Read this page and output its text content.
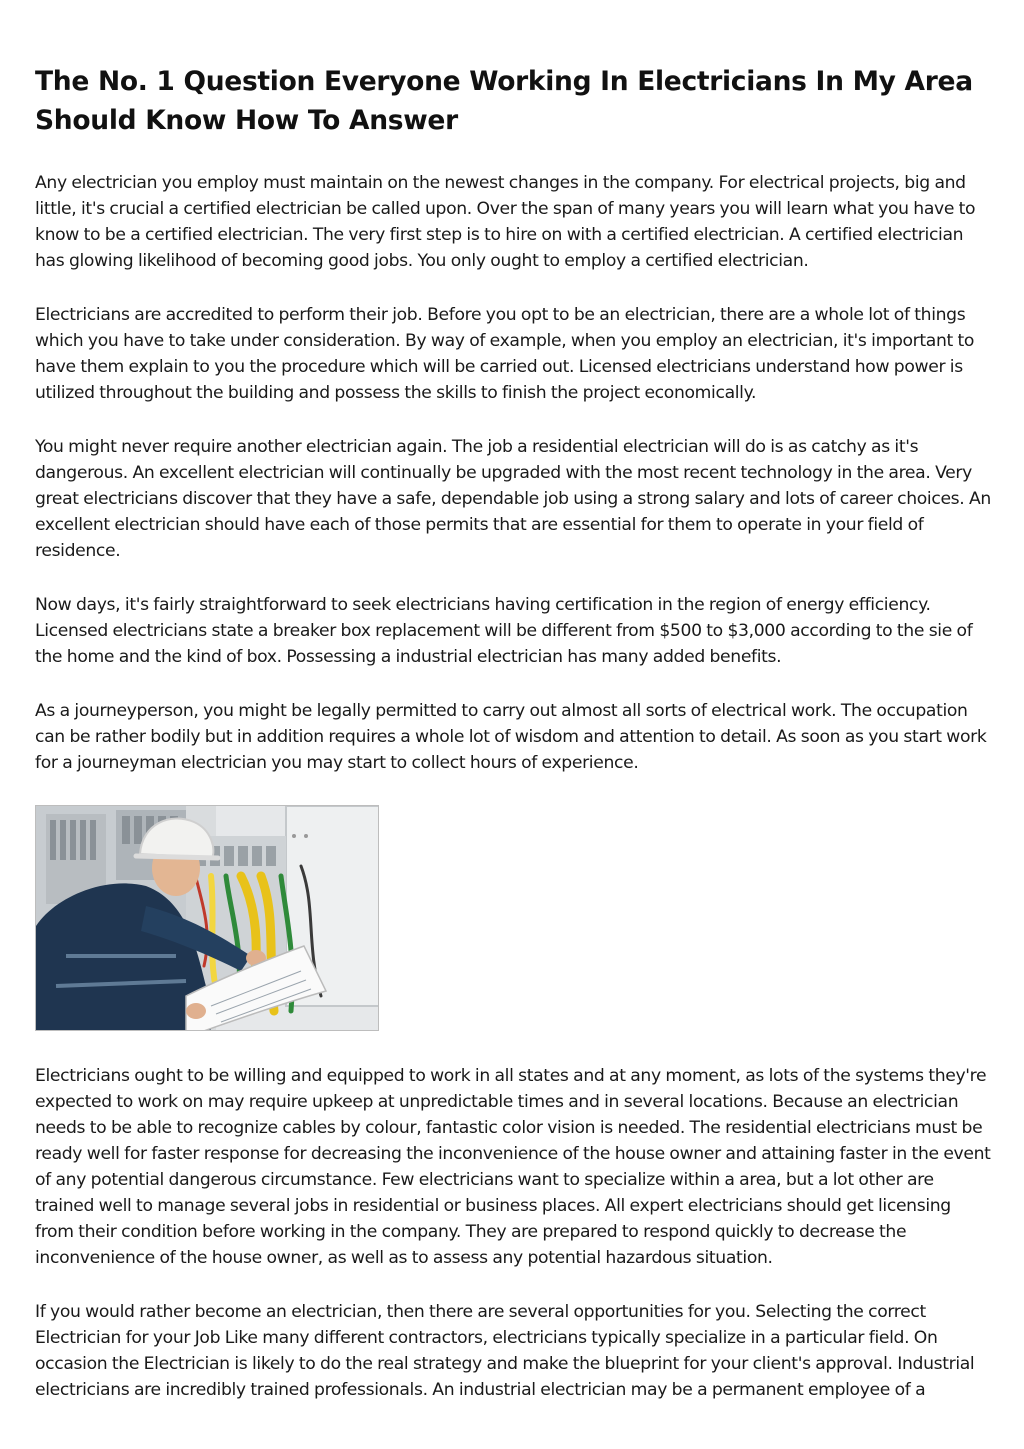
The No. 1 Question Everyone Working In Electricians In My Area Should Know How To Answer

Any electrician you employ must maintain on the newest changes in the company. For electrical projects, big and little, it's crucial a certified electrician be called upon. Over the span of many years you will learn what you have to know to be a certified electrician. The very first step is to hire on with a certified electrician. A certified electrician has glowing likelihood of becoming good jobs. You only ought to employ a certified electrician.

Electricians are accredited to perform their job. Before you opt to be an electrician, there are a whole lot of things which you have to take under consideration. By way of example, when you employ an electrician, it's important to have them explain to you the procedure which will be carried out. Licensed electricians understand how power is utilized throughout the building and possess the skills to finish the project economically.

You might never require another electrician again. The job a residential electrician will do is as catchy as it's dangerous. An excellent electrician will continually be upgraded with the most recent technology in the area. Very great electricians discover that they have a safe, dependable job using a strong salary and lots of career choices. An excellent electrician should have each of those permits that are essential for them to operate in your field of residence.

Now days, it's fairly straightforward to seek electricians having certification in the region of energy efficiency. Licensed electricians state a breaker box replacement will be different from $500 to $3,000 according to the sie of the home and the kind of box. Possessing a industrial electrician has many added benefits.

As a journeyperson, you might be legally permitted to carry out almost all sorts of electrical work. The occupation can be rather bodily but in addition requires a whole lot of wisdom and attention to detail. As soon as you start work for a journeyman electrician you may start to collect hours of experience.

Electricians ought to be willing and equipped to work in all states and at any moment, as lots of the systems they're expected to work on may require upkeep at unpredictable times and in several locations. Because an electrician needs to be able to recognize cables by colour, fantastic color vision is needed. The residential electricians must be ready well for faster response for decreasing the inconvenience of the house owner and attaining faster in the event of any potential dangerous circumstance. Few electricians want to specialize within a area, but a lot other are trained well to manage several jobs in residential or business places. All expert electricians should get licensing from their condition before working in the company. They are prepared to respond quickly to decrease the inconvenience of the house owner, as well as to assess any potential hazardous situation.

If you would rather become an electrician, then there are several opportunities for you. Selecting the correct Electrician for your Job Like many different contractors, electricians typically specialize in a particular field. On occasion the Electrician is likely to do the real strategy and make the blueprint for your client's approval. Industrial electricians are incredibly trained professionals. An industrial electrician may be a permanent employee of a
